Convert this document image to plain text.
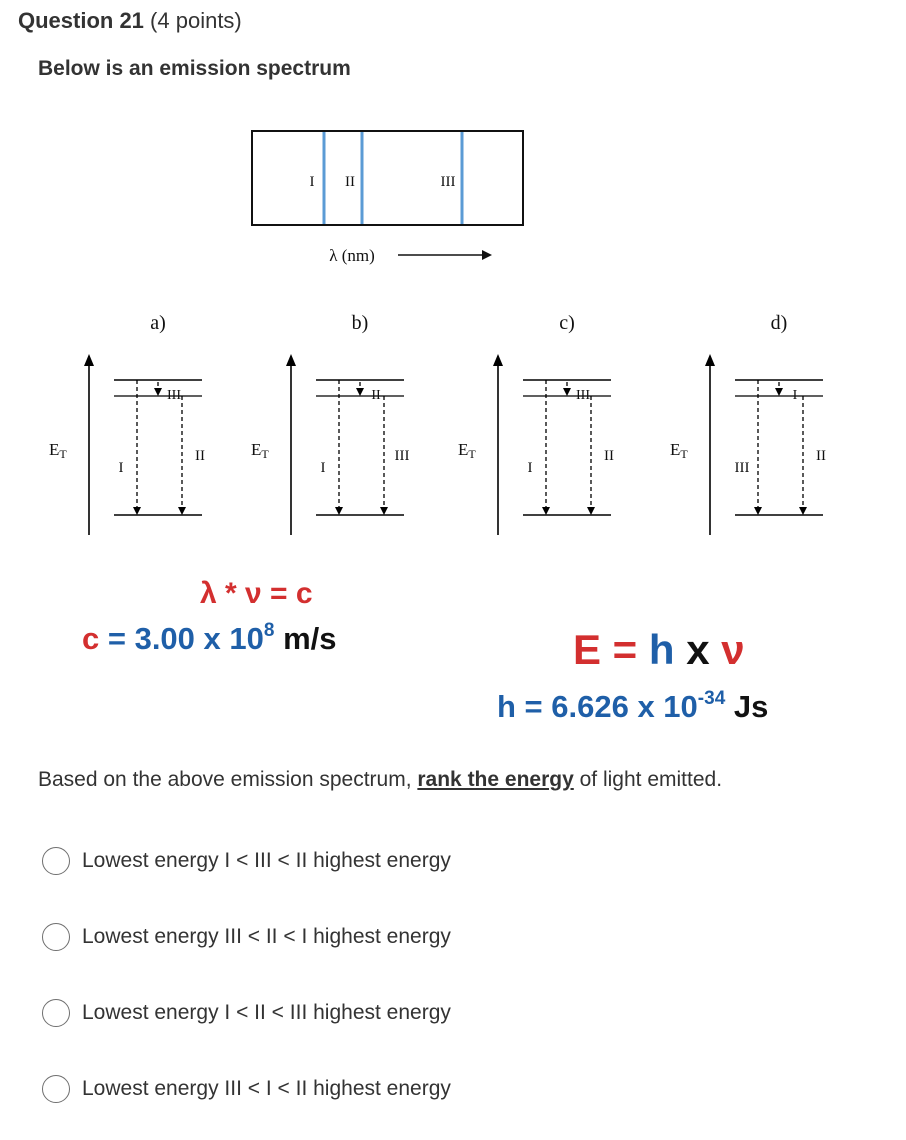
Question 21 (4 points)
Below is an emission spectrum
I II	III
λ (nm)
a)
ET
I
II
III
b)
ET
I
III
II
c)
ET
I
II
III
d)
ET
III
II
I
λ * ν = c
c = 3.00 x $10^8$ m/s	E = h x ν
h = 6.626 x $10^{-34}$ Js
Based on the above emission spectrum, rank the energy of light emitted.
Lowest energy I < III < II highest energy
Lowest energy III < II < I highest energy
Lowest energy I < II < III highest energy
Lowest energy III < I < II highest energy
